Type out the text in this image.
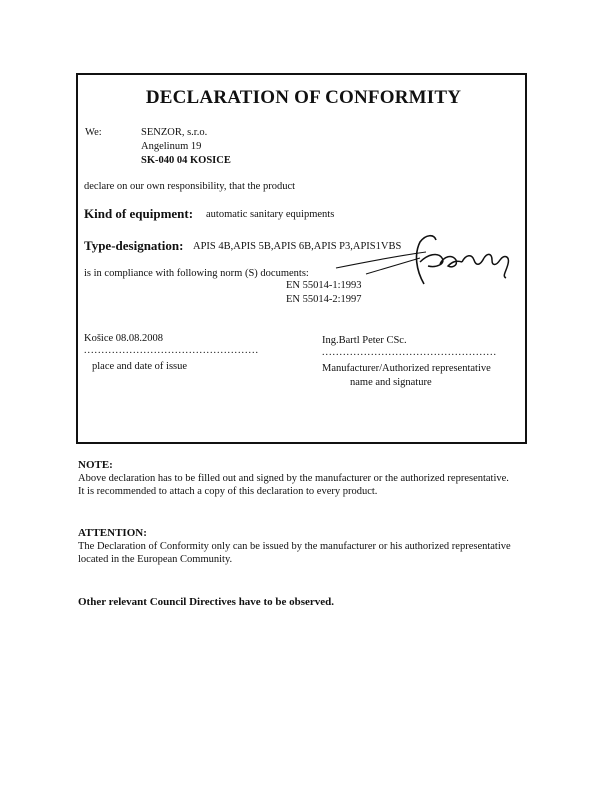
DECLARATION OF CONFORMITY
We:	SENZOR, s.r.o.
Angelinum 19
SK-040 04 KOSICE
declare on our own responsibility, that the product
Kind of equipment: automatic sanitary equipments
Type-designation: APIS 4B,APIS 5B,APIS 6B,APIS P3,APIS1VBS
is in compliance with following norm (S) documents:
EN 55014-1:1993
EN 55014-2:1997
Košice 08.08.2008
..................................................
place and date of issue
Ing.Bartl Peter CSc.
..................................................
Manufacturer/Authorized representative
name and signature

NOTE:

Above declaration has to be filled out and signed by the manufacturer or the authorized representative.

It is recommended to attach a copy of this declaration to every product.

ATTENTION:

The Declaration of Conformity only can be issued by the manufacturer or his authorized representative located in the European Community.

Other relevant Council Directives have to be observed.
